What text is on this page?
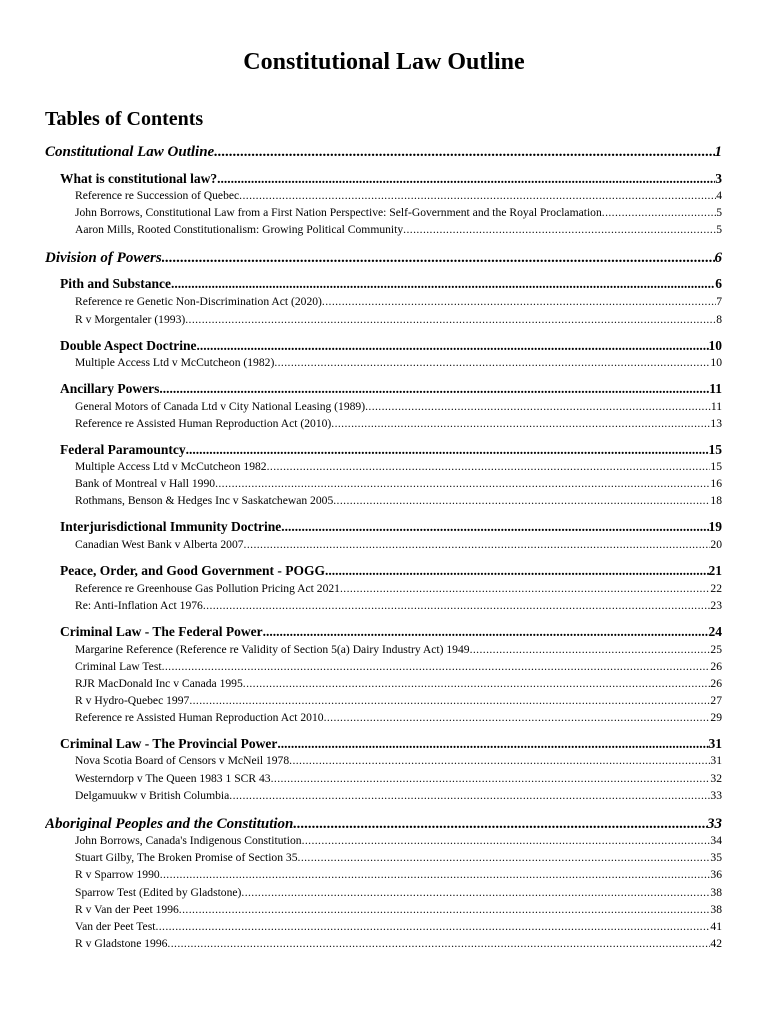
Constitutional Law Outline
Tables of Contents
Constitutional Law Outline .....	1
What is constitutional law? .....	3
Reference re Succession of Quebec .....	4
John Borrows, Constitutional Law from a First Nation Perspective: Self-Government and the Royal Proclamation .....	5
Aaron Mills, Rooted Constitutionalism: Growing Political Community .....	5
Division of Powers .....	6
Pith and Substance .....	6
Reference re Genetic Non-Discrimination Act (2020) .....	7
R v Morgentaler (1993) .....	8
Double Aspect Doctrine .....	10
Multiple Access Ltd v McCutcheon (1982) .....	10
Ancillary Powers .....	11
General Motors of Canada Ltd v City National Leasing (1989) .....	11
Reference re Assisted Human Reproduction Act (2010) .....	13
Federal Paramountcy .....	15
Multiple Access Ltd v McCutcheon 1982 .....	15
Bank of Montreal v Hall 1990 .....	16
Rothmans, Benson & Hedges Inc v Saskatchewan 2005 .....	18
Interjurisdictional Immunity Doctrine .....	19
Canadian West Bank v Alberta 2007 .....	20
Peace, Order, and Good Government - POGG .....	21
Reference re Greenhouse Gas Pollution Pricing Act 2021 .....	22
Re: Anti-Inflation Act 1976 .....	23
Criminal Law - The Federal Power .....	24
Margarine Reference (Reference re Validity of Section 5(a) Dairy Industry Act) 1949 .....	25
Criminal Law Test .....	26
RJR MacDonald Inc v Canada 1995 .....	26
R v Hydro-Quebec 1997 .....	27
Reference re Assisted Human Reproduction Act 2010 .....	29
Criminal Law - The Provincial Power .....	31
Nova Scotia Board of Censors v McNeil 1978 .....	31
Westerndorp v The Queen 1983 1 SCR 43 .....	32
Delgamuukw v British Columbia .....	33
Aboriginal Peoples and the Constitution .....	33
John Borrows, Canada's Indigenous Constitution .....	34
Stuart Gilby, The Broken Promise of Section 35 .....	35
R v Sparrow 1990 .....	36
Sparrow Test (Edited by Gladstone) .....	38
R v Van der Peet 1996 .....	38
Van der Peet Test .....	41
R v Gladstone 1996 .....	42
